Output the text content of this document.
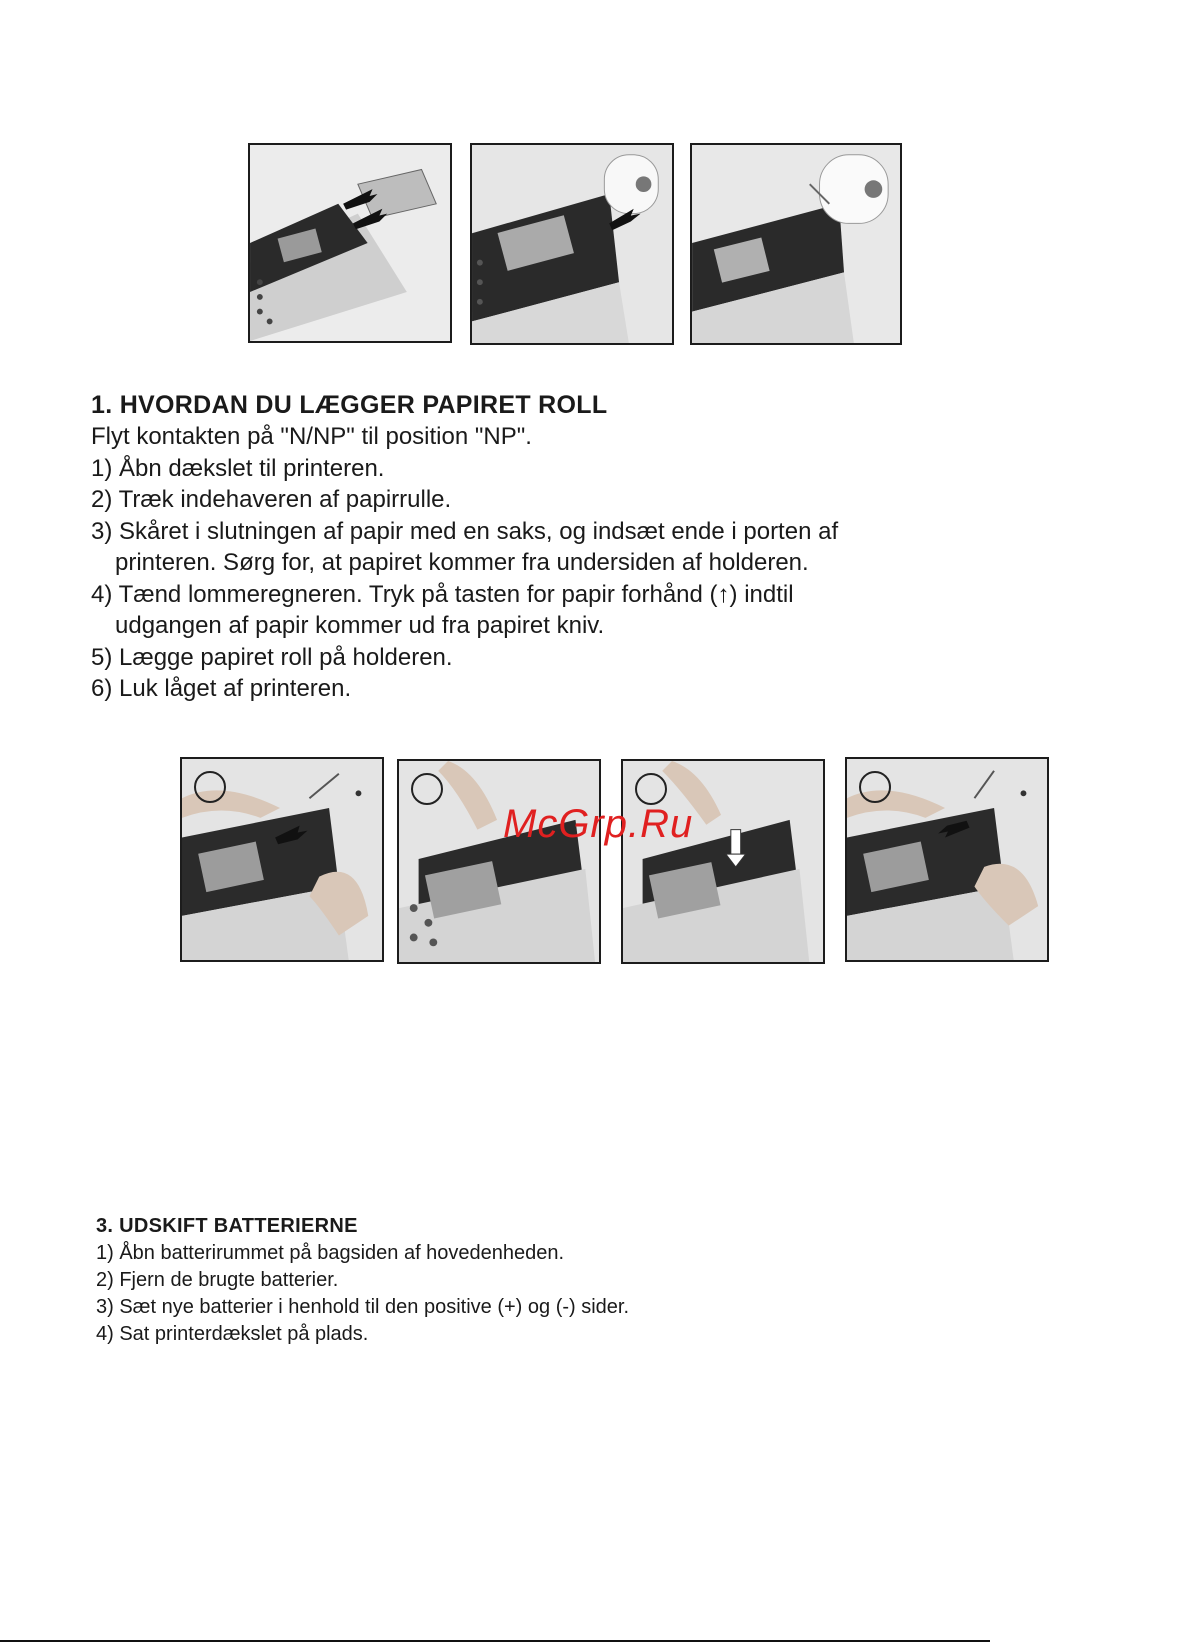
1. HVORDAN DU LÆGGER PAPIRET ROLL
Flyt kontakten på "N/NP" til position "NP".
1) Åbn dækslet til printeren.
2) Træk indehaveren af papirrulle.
3) Skåret i slutningen af papir med en saks, og indsæt ende i porten af
printeren. Sørg for, at papiret kommer fra undersiden af holderen.
4) Tænd lommeregneren. Tryk på tasten for papir forhånd (↑) indtil
udgangen af papir kommer ud fra papiret kniv.
5) Lægge papiret roll på holderen.
6) Luk låget af printeren.
McGrp.Ru
3. UDSKIFT BATTERIERNE
1) Åbn batterirummet på bagsiden af hovedenheden.
2) Fjern de brugte batterier.
3) Sæt nye batterier i henhold til den positive (+) og (-) sider.
4) Sat printerdækslet på plads.
